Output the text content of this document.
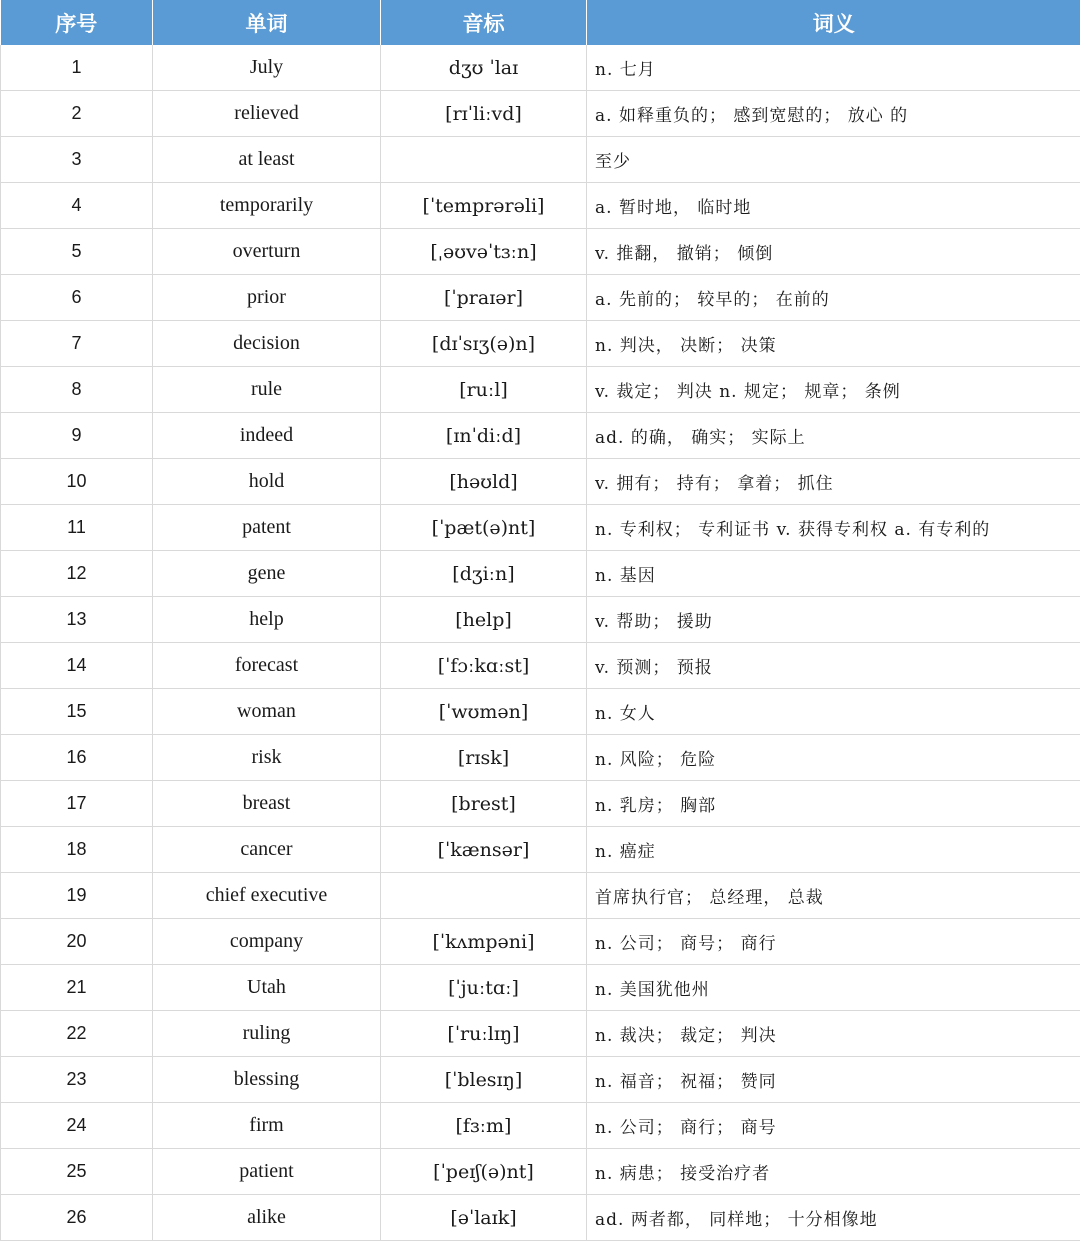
序号	单词	音标	词义
1	July	dʒʊ ˈlaɪ	n. 七月
2	relieved	[rɪˈliːvd]	a. 如释重负的； 感到宽慰的； 放心 的
3	at least		至少
4	temporarily	[ˈtemprərəli]	a. 暂时地， 临时地
5	overturn	[ˌəʊvəˈtɜːn]	v. 推翻， 撤销； 倾倒
6	prior	[ˈpraɪər]	a. 先前的； 较早的； 在前的
7	decision	[dɪˈsɪʒ(ə)n]	n. 判决， 决断； 决策
8	rule	[ruːl]	v. 裁定； 判决 n. 规定； 规章； 条例
9	indeed	[ɪnˈdiːd]	ad. 的确， 确实； 实际上
10	hold	[həʊld]	v. 拥有； 持有； 拿着； 抓住
11	patent	[ˈpæt(ə)nt]	n. 专利权； 专利证书 v. 获得专利权 a. 有专利的
12	gene	[dʒiːn]	n. 基因
13	help	[help]	v. 帮助； 援助
14	forecast	[ˈfɔːkɑːst]	v. 预测； 预报
15	woman	[ˈwʊmən]	n. 女人
16	risk	[rɪsk]	n. 风险； 危险
17	breast	[brest]	n. 乳房； 胸部
18	cancer	[ˈkænsər]	n. 癌症
19	chief executive		首席执行官； 总经理， 总裁
20	company	[ˈkʌmpəni]	n. 公司； 商号； 商行
21	Utah	[ˈjuːtɑː]	n. 美国犹他州
22	ruling	[ˈruːlɪŋ]	n. 裁决； 裁定； 判决
23	blessing	[ˈblesɪŋ]	n. 福音； 祝福； 赞同
24	firm	[fɜːm]	n. 公司； 商行； 商号
25	patient	[ˈpeɪʃ(ə)nt]	n. 病患； 接受治疗者
26	alike	[əˈlaɪk]	ad. 两者都， 同样地； 十分相像地
